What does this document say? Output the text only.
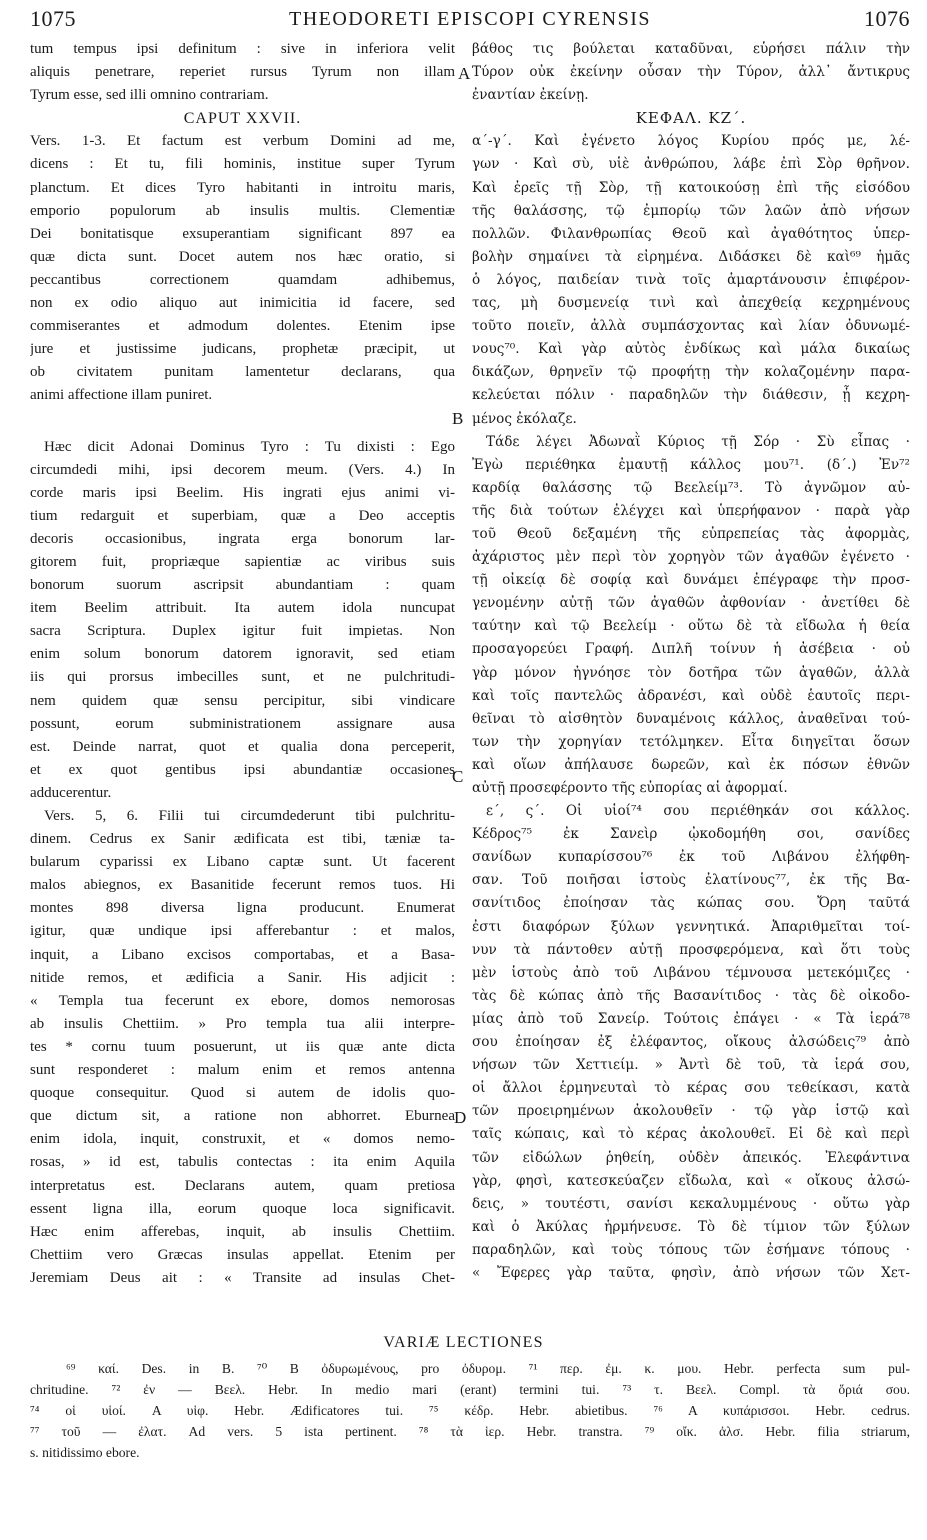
1075	THEODORETI EPISCOPI CYRENSIS	1076
tum tempus ipsi definitum : sive in inferiora velit
aliquis penetrare, reperiet rursus Tyrum non illam
Tyrum esse, sed illi omnino contrariam.
CAPUT XXVII.
Vers. 1-3. Et factum est verbum Domini ad me,
dicens : Et tu, fili hominis, institue super Tyrum
planctum. Et dices Tyro habitanti in introitu maris,
emporio populorum ab insulis multis. Clementiæ
Dei bonitatisque exsuperantiam significant 897 ea
quæ dicta sunt. Docet autem nos hæc oratio, si
peccantibus correctionem quamdam adhibemus,
non ex odio aliquo aut inimicitia id facere, sed
commiserantes et admodum dolentes. Etenim ipse
jure et justissime judicans, prophetæ præcipit, ut
ob civitatem punitam lamentetur declarans, qua
animi affectione illam puniret.
Hæc dicit Adonai Dominus Tyro : Tu dixisti : Ego
circumdedi mihi, ipsi decorem meum. (Vers. 4.) In
corde maris ipsi Beelim. His ingrati ejus animi vi-
tium redarguit et superbiam, quæ a Deo acceptis
decoris occasionibus, ingrata erga bonorum lar-
gitorem fuit, propriæque sapientiæ ac viribus suis
bonorum suorum ascripsit abundantiam : quam
item Beelim attribuit. Ita autem idola nuncupat
sacra Scriptura. Duplex igitur fuit impietas. Non
enim solum bonorum datorem ignoravit, sed etiam
iis qui prorsus imbecilles sunt, et ne pulchritudi-
nem quidem quæ sensu percipitur, sibi vindicare
possunt, eorum subministrationem assignare ausa
est. Deinde narrat, quot et qualia dona perceperit,
et ex quot gentibus ipsi abundantiæ occasiones
adducerentur.
Vers. 5, 6. Filii tui circumdederunt tibi pulchritu-
dinem. Cedrus ex Sanir ædificata est tibi, tæniæ ta-
bularum cyparissi ex Libano captæ sunt. Ut facerent
malos abiegnos, ex Basanitide fecerunt remos tuos. Hi
montes 898 diversa ligna producunt. Enumerat
igitur, quæ undique ipsi afferebantur : et malos,
inquit, a Libano excisos comportabas, et a Basa-
nitide remos, et ædificia a Sanir. His adjicit :
« Templa tua fecerunt ex ebore, domos nemorosas
ab insulis Chettiim. » Pro templa tua alii interpre-
tes * cornu tuum posuerunt, ut iis quæ ante dicta
sunt responderet : malum enim et remos antenna
quoque consequitur. Quod si autem de idolis quo-
que dictum sit, a ratione non abhorret. Eburnea
enim idola, inquit, construxit, et « domos nemo-
rosas, » id est, tabulis contectas : ita enim Aquila
interpretatus est. Declarans autem, quam pretiosa
essent ligna illa, eorum quoque loca significavit.
Hæc enim afferebas, inquit, ab insulis Chettiim.
Chettiim vero Græcas insulas appellat. Etenim per
Jeremiam Deus ait : « Transite ad insulas Chet-
βάθος τις βούλεται καταδῦναι, εὑρήσει πάλιν τὴν
Τύρον οὐκ ἐκείνην οὖσαν τὴν Τύρον, ἀλλ᾽ ἄντικρυς
ἐναντίαν ἐκείνῃ.
ΚΕΦΑΛ. ΚΖ΄.
α΄-γ΄. Καὶ ἐγένετο λόγος Κυρίου πρός με, λέ-
γων · Καὶ σὺ, υἱὲ ἀνθρώπου, λάβε ἐπὶ Σὸρ θρῆνον.
Καὶ ἐρεῖς τῇ Σὸρ, τῇ κατοικούσῃ ἐπὶ τῆς εἰσόδου
τῆς θαλάσσης, τῷ ἐμπορίῳ τῶν λαῶν ἀπὸ νήσων
πολλῶν. Φιλανθρωπίας Θεοῦ καὶ ἀγαθότητος ὑπερ-
βολὴν σημαίνει τὰ εἰρημένα. Διδάσκει δὲ καὶ⁶⁹ ἡμᾶς
ὁ λόγος, παιδείαν τινὰ τοῖς ἁμαρτάνουσιν ἐπιφέρον-
τας, μὴ δυσμενείᾳ τινὶ καὶ ἀπεχθείᾳ κεχρημένους
τοῦτο ποιεῖν, ἀλλὰ συμπάσχοντας καὶ λίαν ὀδυνωμέ-
νους⁷⁰. Καὶ γὰρ αὐτὸς ἐνδίκως καὶ μάλα δικαίως
δικάζων, θρηνεῖν τῷ προφήτῃ τὴν κολαζομένην παρα-
κελεύεται πόλιν · παραδηλῶν τὴν διάθεσιν, ᾗ κεχρη-
μένος ἐκόλαζε.
Τάδε λέγει Ἀδωναῒ Κύριος τῇ Σόρ · Σὺ εἶπας ·
Ἐγὼ περιέθηκα ἐμαυτῇ κάλλος μου⁷¹. (δ΄.) Ἐν⁷²
καρδίᾳ θαλάσσης τῷ Βεελείμ⁷³. Τὸ ἀγνῶμον αὐ-
τῆς διὰ τούτων ἐλέγχει καὶ ὑπερήφανον · παρὰ γὰρ
τοῦ Θεοῦ δεξαμένη τῆς εὐπρεπείας τὰς ἀφορμὰς,
ἀχάριστος μὲν περὶ τὸν χορηγὸν τῶν ἀγαθῶν ἐγένετο ·
τῇ οἰκείᾳ δὲ σοφίᾳ καὶ δυνάμει ἐπέγραφε τὴν προσ-
γενομένην αὐτῇ τῶν ἀγαθῶν ἀφθονίαν · ἀνετίθει δὲ
ταύτην καὶ τῷ Βεελείμ · οὕτω δὲ τὰ εἴδωλα ἡ θεία
προσαγορεύει Γραφή. Διπλῆ τοίνυν ἡ ἀσέβεια · οὐ
γὰρ μόνον ἠγνόησε τὸν δοτῆρα τῶν ἀγαθῶν, ἀλλὰ
καὶ τοῖς παντελῶς ἀδρανέσι, καὶ οὐδὲ ἑαυτοῖς περι-
θεῖναι τὸ αἰσθητὸν δυναμένοις κάλλος, ἀναθεῖναι τού-
των τὴν χορηγίαν τετόλμηκεν. Εἶτα διηγεῖται ὅσων
καὶ οἵων ἀπήλαυσε δωρεῶν, καὶ ἐκ πόσων ἐθνῶν
αὐτῇ προσεφέροντο τῆς εὐπορίας αἱ ἀφορμαί.
ε΄, ς΄. Οἱ υἱοί⁷⁴ σου περιέθηκάν σοι κάλλος.
Κέδρος⁷⁵ ἐκ Σανεὶρ ᾠκοδομήθη σοι, σανίδες
σανίδων κυπαρίσσου⁷⁶ ἐκ τοῦ Λιβάνου ἐλήφθη-
σαν. Τοῦ ποιῆσαι ἱστοὺς ἐλατίνους⁷⁷, ἐκ τῆς Βα-
σανίτιδος ἐποίησαν τὰς κώπας σου. Ὄρη ταῦτά
ἐστι διαφόρων ξύλων γεννητικά. Ἀπαριθμεῖται τοί-
νυν τὰ πάντοθεν αὐτῇ προσφερόμενα, καὶ ὅτι τοὺς
μὲν ἱστοὺς ἀπὸ τοῦ Λιβάνου τέμνουσα μετεκόμιζες ·
τὰς δὲ κώπας ἀπὸ τῆς Βασανίτιδος · τὰς δὲ οἰκοδο-
μίας ἀπὸ τοῦ Σανείρ. Τούτοις ἐπάγει · « Τὰ ἱερά⁷⁸
σου ἐποίησαν ἐξ ἐλέφαντος, οἴκους ἀλσώδεις⁷⁹ ἀπὸ
νήσων τῶν Χεττιείμ. » Ἀντὶ δὲ τοῦ, τὰ ἱερά σου,
οἱ ἄλλοι ἑρμηνευταὶ τὸ κέρας σου τεθείκασι, κατὰ
τῶν προειρημένων ἀκολουθεῖν · τῷ γὰρ ἱστῷ καὶ
ταῖς κώπαις, καὶ τὸ κέρας ἀκολουθεῖ. Εἰ δὲ καὶ περὶ
τῶν εἰδώλων ῥηθείη, οὐδὲν ἀπεικός. Ἐλεφάντινα
γὰρ, φησὶ, κατεσκεύαζεν εἴδωλα, καὶ « οἴκους ἀλσώ-
δεις, » τουτέστι, σανίσι κεκαλυμμένους · οὕτω γὰρ
καὶ ὁ Ἀκύλας ἡρμήνευσε. Τὸ δὲ τίμιον τῶν ξύλων
παραδηλῶν, καὶ τοὺς τόπους τῶν ἐσήμανε τόπους ·
« Ἔφερες γὰρ ταῦτα, φησὶν, ἀπὸ νήσων τῶν Χετ-
A
B
C
D
VARIÆ LECTIONES
⁶⁹ καί. Des. in B. ⁷⁰ B ὀδυρωμένους, pro ὀδυρομ. ⁷¹ περ. ἐμ. κ. μου. Hebr. perfecta sum pul-
chritudine. ⁷² ἐν — Βεελ. Hebr. In medio mari (erant) termini tui. ⁷³ τ. Βεελ. Compl. τὰ ὅριά σου.
⁷⁴ οἱ υἱοί. A υἱφ. Hebr. Ædificatores tui. ⁷⁵ κέδρ. Hebr. abietibus. ⁷⁶ A κυπάρισσοι. Hebr. cedrus.
⁷⁷ τοῦ — ἐλατ. Ad vers. 5 ista pertinent. ⁷⁸ τὰ ἱερ. Hebr. transtra. ⁷⁹ οἴκ. ἀλσ. Hebr. filia striarum,
s. nitidissimo ebore.
